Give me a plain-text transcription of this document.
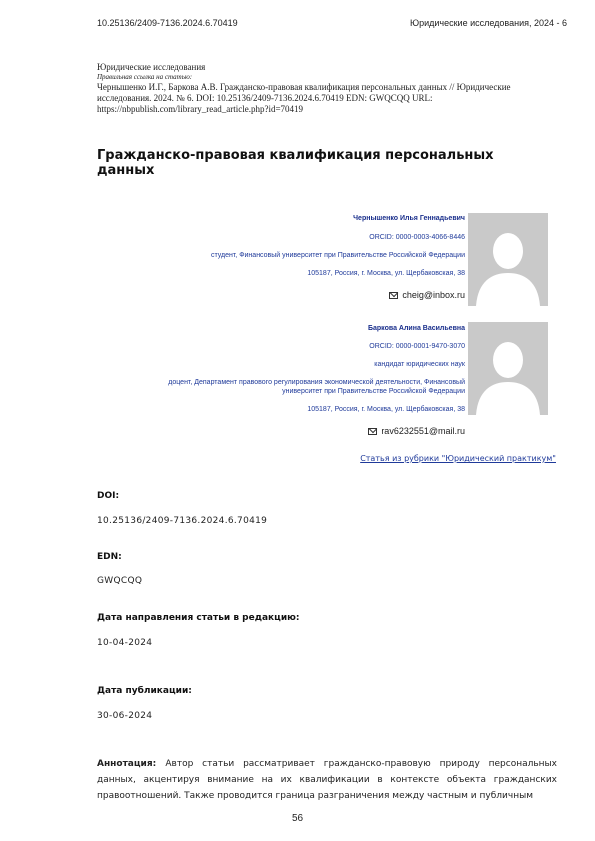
10.25136/2409-7136.2024.6.70419	Юридические исследования, 2024 - 6
Юридические исследования
Правильная ссылка на статью:
Чернышенко И.Г., Баркова А.В. Гражданско-правовая квалификация персональных данных // Юридические исследования. 2024. № 6. DOI: 10.25136/2409-7136.2024.6.70419 EDN: GWQCQQ URL: https://nbpublish.com/library_read_article.php?id=70419
Гражданско-правовая квалификация персональных данных
Чернышенко Илья Геннадьевич
ORCID: 0000-0003-4066-8446
студент, Финансовый университет при Правительстве Российской Федерации
105187, Россия, г. Москва, ул. Щербаковская, 38
cheig@inbox.ru
Баркова Алина Васильевна
ORCID: 0000-0001-9470-3070
кандидат юридических наук
доцент, Департамент правового регулирования экономической деятельности, Финансовый университет при Правительстве Российской Федерации
105187, Россия, г. Москва, ул. Щербаковская, 38
rav6232551@mail.ru
Статья из рубрики "Юридический практикум"
DOI:
10.25136/2409-7136.2024.6.70419
EDN:
GWQCQQ
Дата направления статьи в редакцию:
10-04-2024
Дата публикации:
30-06-2024
Аннотация: Автор статьи рассматривает гражданско-правовую природу персональных данных, акцентируя внимание на их квалификации в контексте объекта гражданских правоотношений. Также проводится граница разграничения между частным и публичным
56
